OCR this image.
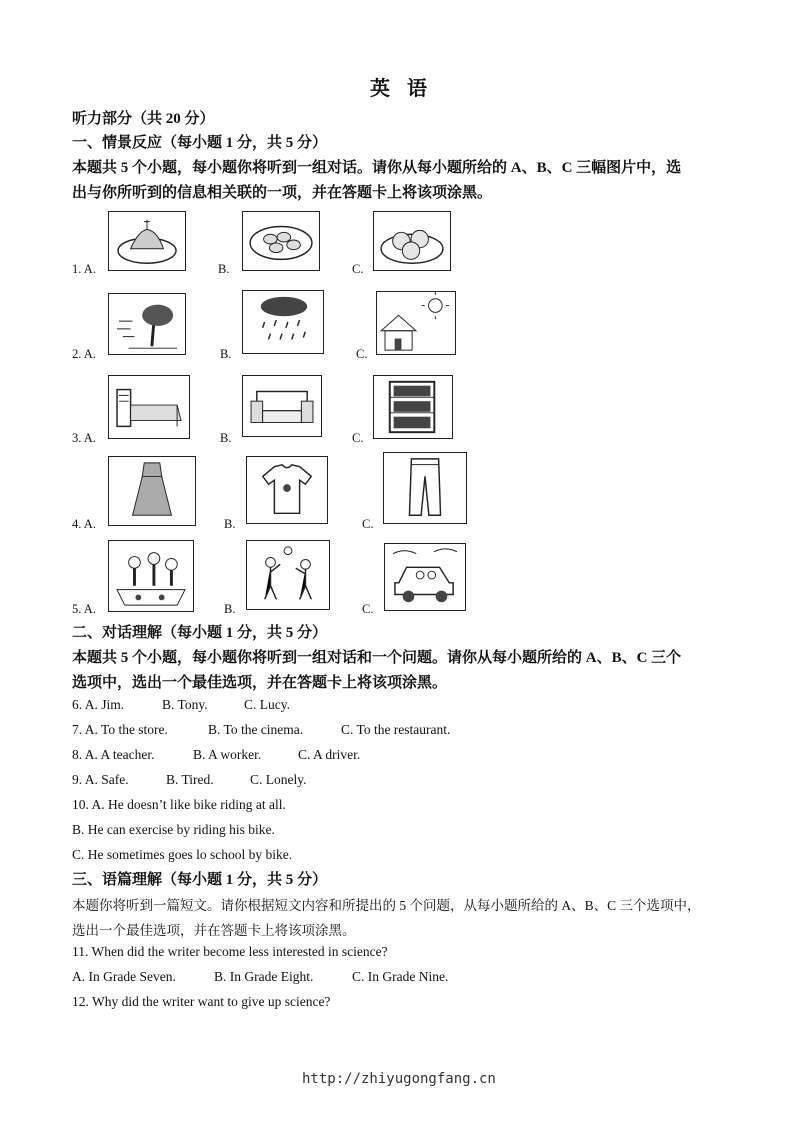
英 语
听力部分（共 20 分）
一、情景反应（每小题 1 分，共 5 分）
本题共 5 个小题，每小题你将听到一组对话。请你从每小题所给的 A、B、C 三幅图片中，选
出与你所听到的信息相关联的一项，并在答题卡上将该项涂黑。
1. A.	B.	C.
2. A.	B.	C.
3. A.	B.	C.
4. A.	B.	C.
5. A.	B.	C.
二、对话理解（每小题 1 分，共 5 分）
本题共 5 个小题，每小题你将听到一组对话和一个问题。请你从每小题所给的 A、B、C 三个
选项中，选出一个最佳选项，并在答题卡上将该项涂黑。
6. A. Jim.	B. Tony.	C. Lucy.
7. A. To the store.	B. To the cinema.	C. To the restaurant.
8. A. A teacher.	B. A worker.	C. A driver.
9. A. Safe.	B. Tired.	C. Lonely.
10. A. He doesn’t like bike riding at all.
B. He can exercise by riding his bike.
C. He sometimes goes lo school by bike.
三、语篇理解（每小题 1 分，共 5 分）
本题你将听到一篇短文。请你根据短文内容和所提出的 5 个问题，从每小题所给的 A、B、C 三个选项中，
选出一个最佳选项，并在答题卡上将该项涂黑。
11. When did the writer become less interested in science?
A. In Grade Seven.	B. In Grade Eight.	C. In Grade Nine.
12. Why did the writer want to give up science?
http://zhiyugongfang.cn
